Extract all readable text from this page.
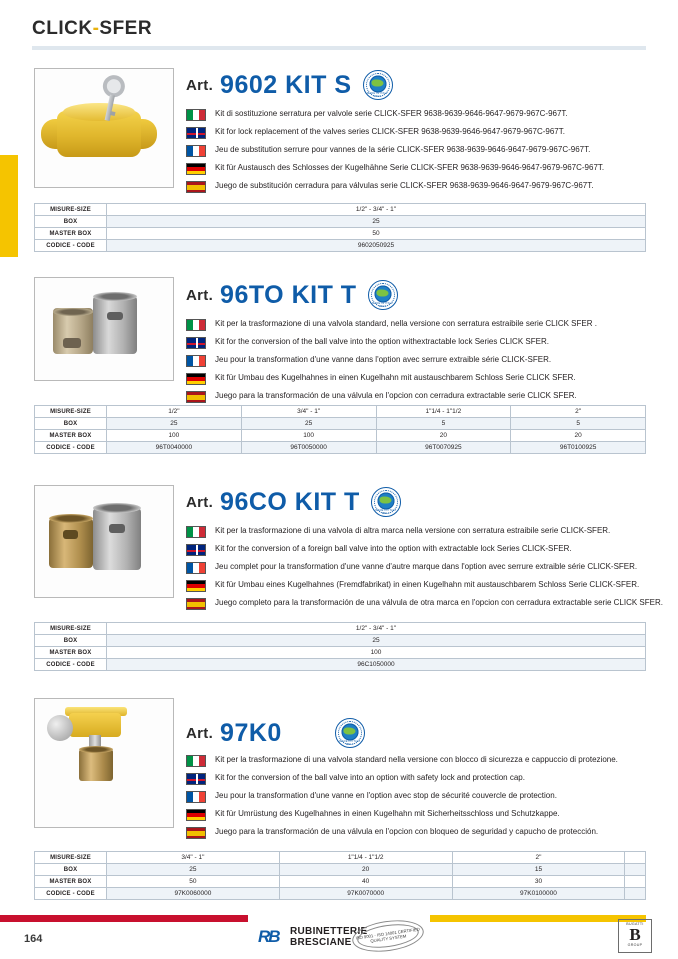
CLICK-SFER
Art. 9602 KIT S	MADE IN ITALY ONLY
Kit di sostituzione serratura per valvole serie CLICK-SFER 9638-9639-9646-9647-9679-967C-967T.
Kit for lock replacement of the valves series CLICK-SFER 9638-9639-9646-9647-9679-967C-967T.
Jeu de substitution serrure pour vannes de la série CLICK-SFER 9638-9639-9646-9647-9679-967C-967T.
Kit für Austausch des Schlosses der Kugelhähne Serie CLICK-SFER 9638-9639-9646-9647-9679-967C-967T.
Juego de substitución cerradura para válvulas serie CLICK-SFER 9638-9639-9646-9647-9679-967C-967T.
MISURE-SIZE	1/2" - 3/4" - 1"
BOX	25
MASTER BOX	50
CODICE - CODE	9602050925
Art. 96TO KIT T	MADE IN ITALY ONLY
Kit per la trasformazione di una valvola standard, nella versione con serratura estraibile serie CLICK SFER .
Kit for the conversion of the ball valve into the option withextractable lock Series CLICK SFER.
Jeu pour la transformation d'une vanne dans l'option avec serrure extraible série CLICK-SFER.
Kit für Umbau des Kugelhahnes in einen Kugelhahn mit austauschbarem Schloss Serie CLICK SFER.
Juego para la transformación de una válvula en l'opcion con cerradura extractable serie CLICK SFER.
MISURE-SIZE	1/2"	3/4" - 1"	1"1/4 - 1"1/2	2"
BOX	25	25	5	5
MASTER BOX	100	100	20	20
CODICE - CODE	96T0040000	96T0050000	96T0070925	96T0100925
Art. 96CO KIT T	MADE IN ITALY ONLY
Kit per la trasformazione di una valvola di altra marca nella versione con serratura estraibile serie CLICK-SFER.
Kit for the conversion of a foreign ball valve into the option with extractable lock Series CLICK-SFER.
Jeu complet pour la transformation d'une vanne d'autre marque dans l'option avec serrure extraible série CLICK-SFER.
Kit für Umbau eines Kugelhahnes (Fremdfabrikat) in einen Kugelhahn mit austauschbarem Schloss Serie CLICK-SFER.
Juego completo para la transformación de una válvula de otra marca en l'opcion con cerradura extractable serie CLICK SFER.
MISURE-SIZE	1/2" - 3/4" - 1"
BOX	25
MASTER BOX	100
CODICE - CODE	96C1050000
Art. 97K0	MADE IN ITALY ONLY
Kit per la trasformazione di una valvola standard nella versione con blocco di sicurezza e cappuccio di protezione.
Kit for the conversion of the ball valve into an option with safety lock and protection cap.
Jeu pour la transformation d'une vanne en l'option avec stop de sécurité couvercle de protection.
Kit für Umrüstung des Kugelhahnes in einen Kugelhahn mit Sicherheitsschloss und Schutzkappe.
Juego para la transformación de una válvula en l'opcion con bloqueo de seguridad y capucho de protección.
MISURE-SIZE	3/4" - 1"	1"1/4 - 1"1/2	2"	
BOX	25	20	15	
MASTER BOX	50	40	30	
CODICE - CODE	97K0060000	97K0070000	97K0100000	
164	RB	RUBINETTERIE
BRESCIANE
ISO 9001 - ISO 14001 CERTIFIED QUALITY SYSTEM
BUGATTI
B
GROUP
